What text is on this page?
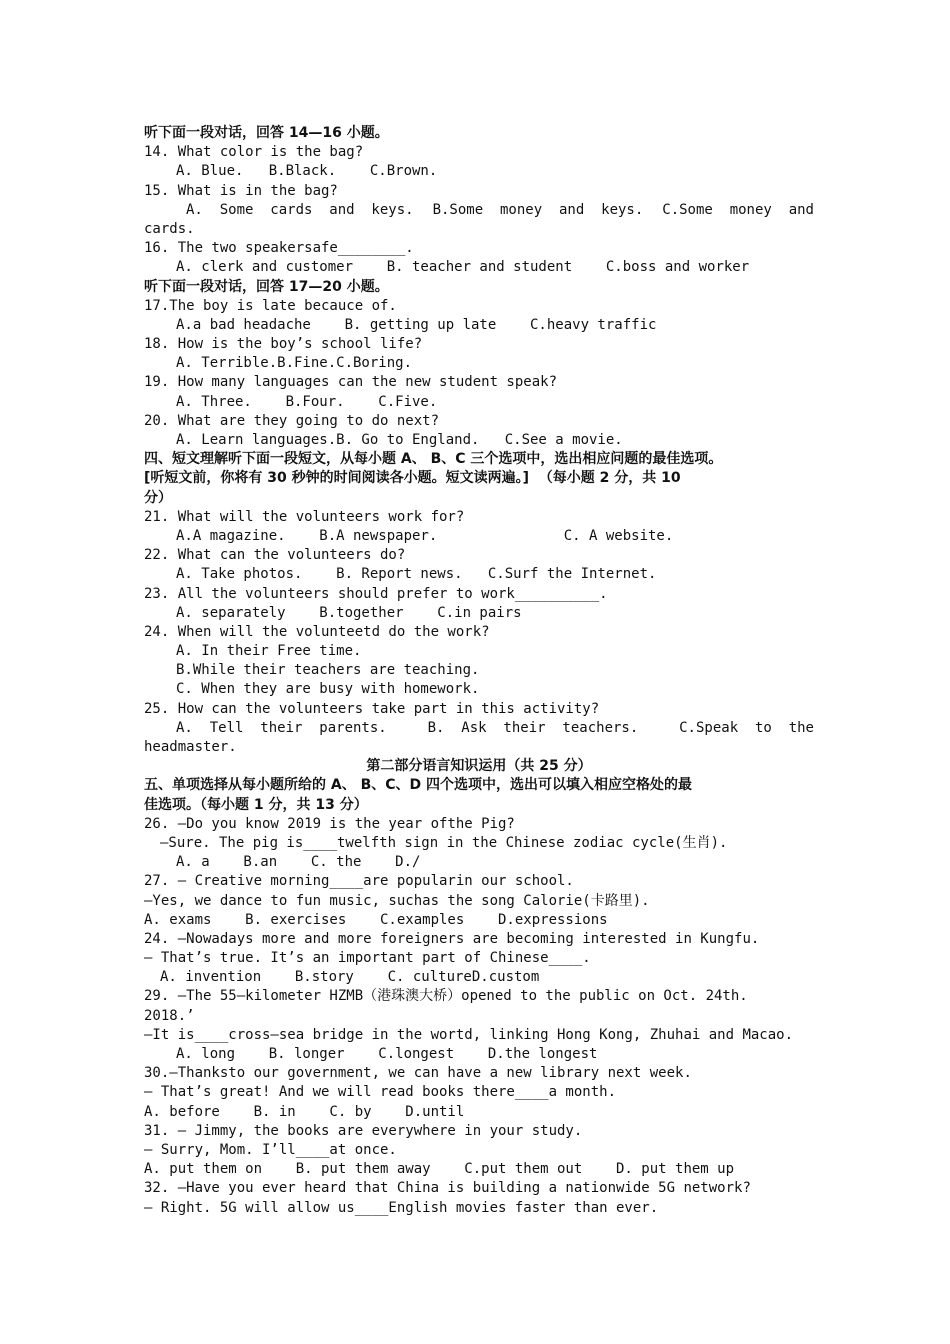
听下面一段对话，回答 14—16 小题。
14. What color is the bag?
A. Blue.   B.Black.    C.Brown.
15. What is in the bag?
A.  Some  cards  and  keys. B.Some  money  and  keys. C.Some  money  and
cards.
16. The two speakersafe________.
A. clerk and customer    B. teacher and student    C.boss and worker
听下面一段对话，回答 17—20 小题。
17.The boy is late becauce of.
A.a bad headache    B. getting up late    C.heavy traffic
18. How is the boy’s school life?
A. Terrible.B.Fine.C.Boring.
19. How many languages can the new student speak?
A. Three.    B.Four.    C.Five.
20. What are they going to do next?
A. Learn languages.B. Go to England.   C.See a movie.
四、短文理解听下面一段短文，从每小题 A、 B、C 三个选项中，选出相应问题的最佳选项。
[听短文前，你将有 30 秒钟的时间阅读各小题。短文读两遍。]  （每小题 2 分，共 10
分）
21. What will the volunteers work for?
A.A magazine.    B.A newspaper.               C. A website.
22. What can the volunteers do?
A. Take photos.    B. Report news.   C.Surf the Internet.
23. All the volunteers should prefer to work__________.
A. separately    B.together    C.in pairs
24. When will the volunteetd do the work?
A. In their Free time.
B.While their teachers are teaching.
C. When they are busy with homework.
25. How can the volunteers take part in this activity?
A.  Tell  their  parents.	B.  Ask  their  teachers.	C.Speak  to  the
headmaster.
第二部分语言知识运用（共 25 分）
五、单项选择从每小题所给的 A、 B、C、D 四个选项中，选出可以填入相应空格处的最
佳选项。（每小题 1 分，共 13 分）
26. —Do you know 2019 is the year ofthe Pig?
—Sure. The pig is____twelfth sign in the Chinese zodiac cycle(生肖).
A. a    B.an    C. the    D./
27. — Creative morning____are popularin our school.
—Yes, we dance to fun music, suchas the song Calorie(卡路里).
A. exams    B. exercises    C.examples    D.expressions
24. —Nowadays more and more foreigners are becoming interested in Kungfu.
— That’s true. It’s an important part of Chinese____.
A. invention    B.story    C. cultureD.custom
29. —The 55—kilometer HZMB（港珠澳大桥）opened to the public on Oct. 24th.
2018.’
—It is____cross—sea bridge in the wortd, linking Hong Kong, Zhuhai and Macao.
A. long    B. longer    C.longest    D.the longest
30.—Thanksto our government, we can have a new library next week.
— That’s great! And we will read books there____a month.
A. before    B. in    C. by    D.until
31. — Jimmy, the books are everywhere in your study.
— Surry, Mom. I’ll____at once.
A. put them on    B. put them away    C.put them out    D. put them up
32. —Have you ever heard that China is building a nationwide 5G network?
— Right. 5G will allow us____English movies faster than ever.
